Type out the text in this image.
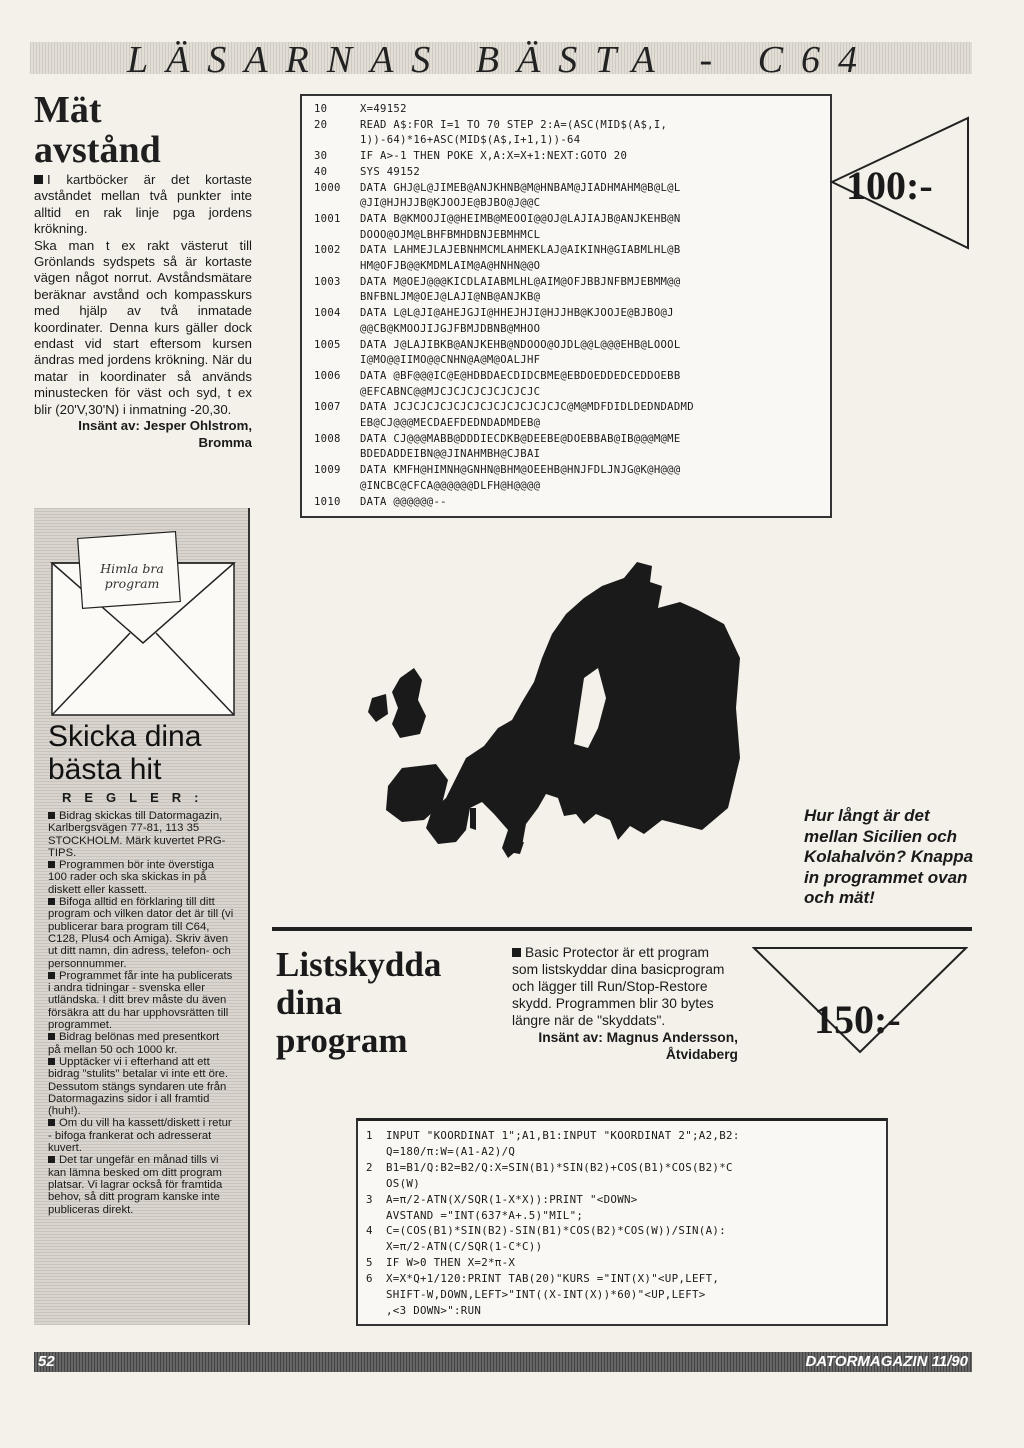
LÄSARNAS BÄSTA - C64
Mät avstånd

I kartböcker är det kortaste avståndet mellan två punkter inte alltid en rak linje pga jordens krökning.

Ska man t ex rakt västerut till Grönlands sydspets så är kortaste vägen något norrut. Avståndsmätare beräknar avstånd och kompasskurs med hjälp av två inmatade koordinater. Denna kurs gäller dock endast vid start eftersom kursen ändras med jordens krökning. När du matar in koordinater så används minustecken för väst och syd, t ex blir (20'V,30'N) i inmatning -20,30.

Insänt av: Jesper Ohlstrom,
Bromma

10	X=49152
20	READ A$:FOR I=1 TO 70 STEP 2:A=(ASC(MID$(A$,I,
1))-64)*16+ASC(MID$(A$,I+1,1))-64
30	IF A>-1 THEN POKE X,A:X=X+1:NEXT:GOTO 20
40	SYS 49152
1000 DATA GHJ@L@JIMEB@ANJKHNB@M@HNBAM@JIADHMAHM@B@L@L
@JI@HJHJJB@KJOOJE@BJBO@J@@C
1001 DATA B@KMOOJI@@HEIMB@MEOOI@@OJ@LAJIAJB@ANJKEHB@N
DOOO@OJM@LBHFBMHDBNJEBMHMCL
1002 DATA LAHMEJLAJEBNHMCMLAHMEKLAJ@AIKINH@GIABMLHL@B
HM@OFJB@@KMDMLAIM@A@HNHN@@O
1003 DATA M@OEJ@@@KICDLAIABMLHL@AIM@OFJBBJNFBMJEBMM@@
BNFBNLJM@OEJ@LAJI@NB@ANJKB@
1004 DATA L@L@JI@AHEJGJI@HHEJHJI@HJJHB@KJOOJE@BJBO@J
@@CB@KMOOJIJGJFBMJDBNB@MHOO
1005 DATA J@LAJIBKB@ANJKEHB@NDOOO@OJDL@@L@@@EHB@LOOOL
I@MO@@IIMO@@CNHN@A@M@OALJHF
1006 DATA @BF@@@IC@E@HDBDAECDIDCBME@EBDOEDDEDCEDDOEBB
@EFCABNC@@MJCJCJCJCJCJCJCJC
1007 DATA JCJCJCJCJCJCJCJCJCJCJCJCJC@M@MDFDIDLDEDNDADMD
EB@CJ@@@MECDAEFDEDNDADMDEB@
1008 DATA CJ@@@MABB@DDDIECDKB@DEEBE@DOEBBAB@IB@@@M@ME
BDEDADDEIBN@@JINAHMBH@CJBAI
1009 DATA KMFH@HIMNH@GNHN@BHM@OEEHB@HNJFDLJNJG@K@H@@@
@INCBC@CFCA@@@@@@DLFH@H@@@@
1010 DATA @@@@@@--
100:-
Himla bra program
Skicka dina
bästa hit
REGLER:

Bidrag skickas till Datormagazin, Karlbergsvägen 77-81, 113 35 STOCKHOLM. Märk kuvertet PRG-TIPS.

Programmen bör inte överstiga 100 rader och ska skickas in på diskett eller kassett.

Bifoga alltid en förklaring till ditt program och vilken dator det är till (vi publicerar bara program till C64, C128, Plus4 och Amiga). Skriv även ut ditt namn, din adress, telefon- och personnummer.

Programmet får inte ha publicerats i andra tidningar - svenska eller utländska. I ditt brev måste du även försäkra att du har upphovsrätten till programmet.

Bidrag belönas med presentkort på mellan 50 och 1000 kr.

Upptäcker vi i efterhand att ett bidrag "stulits" betalar vi inte ett öre. Dessutom stängs syndaren ute från Datormagazins sidor i all framtid (huh!).

Om du vill ha kassett/diskett i retur - bifoga frankerat och adresserat kuvert.

Det tar ungefär en månad tills vi kan lämna besked om ditt program platsar. Vi lagrar också för framtida behov, så ditt program kanske inte publiceras direkt.

Hur långt är det mellan Sicilien och Kolahalvön? Knappa in programmet ovan och mät!
Listskydda
dina
program

Basic Protector är ett program som listskyddar dina basicprogram och lägger till Run/Stop-Restore skydd. Programmen blir 30 bytes längre när de "skyddats".

Insänt av: Magnus Andersson,
Åtvidaberg

150:-
1 INPUT "KOORDINAT 1";A1,B1:INPUT "KOORDINAT 2";A2,B2:
Q=180/π:W=(A1-A2)/Q
2 B1=B1/Q:B2=B2/Q:X=SIN(B1)*SIN(B2)+COS(B1)*COS(B2)*C
OS(W)
3 A=π/2-ATN(X/SQR(1-X*X)):PRINT "<DOWN>
AVSTAND ="INT(637*A+.5)"MIL";
4 C=(COS(B1)*SIN(B2)-SIN(B1)*COS(B2)*COS(W))/SIN(A):
X=π/2-ATN(C/SQR(1-C*C))
5 IF W>0 THEN X=2*π-X
6 X=X*Q+1/120:PRINT TAB(20)"KURS ="INT(X)"<UP,LEFT,
SHIFT-W,DOWN,LEFT>"INT((X-INT(X))*60)"<UP,LEFT>
,<3 DOWN>":RUN
52	DATORMAGAZIN 11/90
